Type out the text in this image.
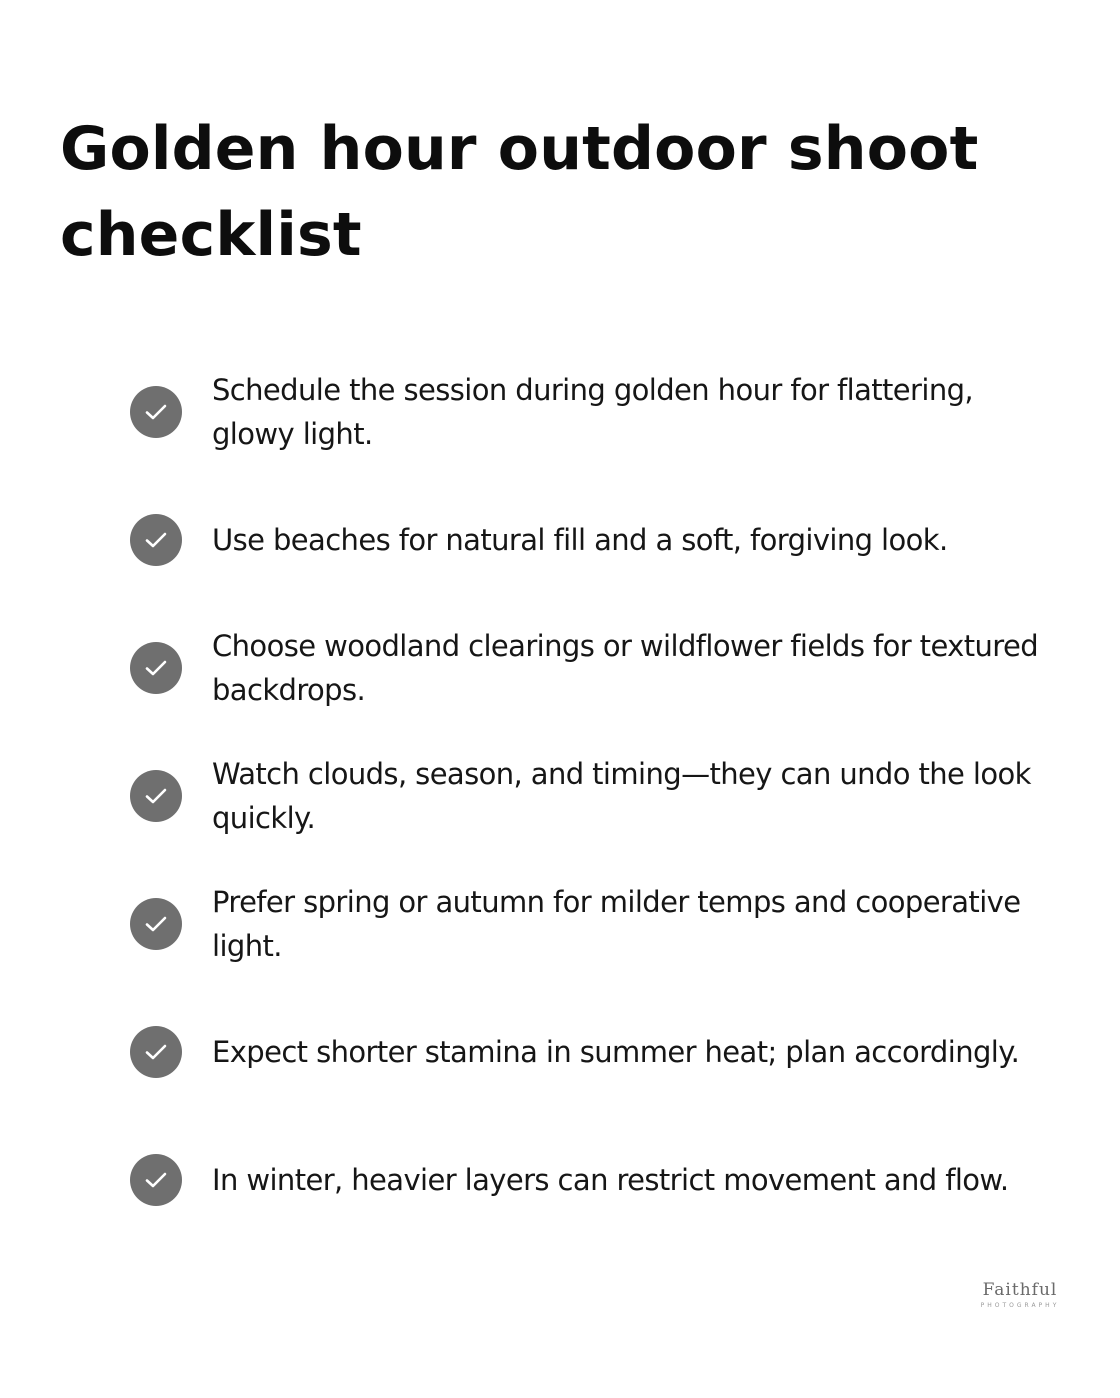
Golden hour outdoor shoot checklist
Schedule the session during golden hour for flattering, glowy light.
Use beaches for natural fill and a soft, forgiving look.
Choose woodland clearings or wildflower fields for textured backdrops.
Watch clouds, season, and timing—they can undo the look quickly.
Prefer spring or autumn for milder temps and cooperative light.
Expect shorter stamina in summer heat; plan accordingly.
In winter, heavier layers can restrict movement and flow.
Faithful
PHOTOGRAPHY
